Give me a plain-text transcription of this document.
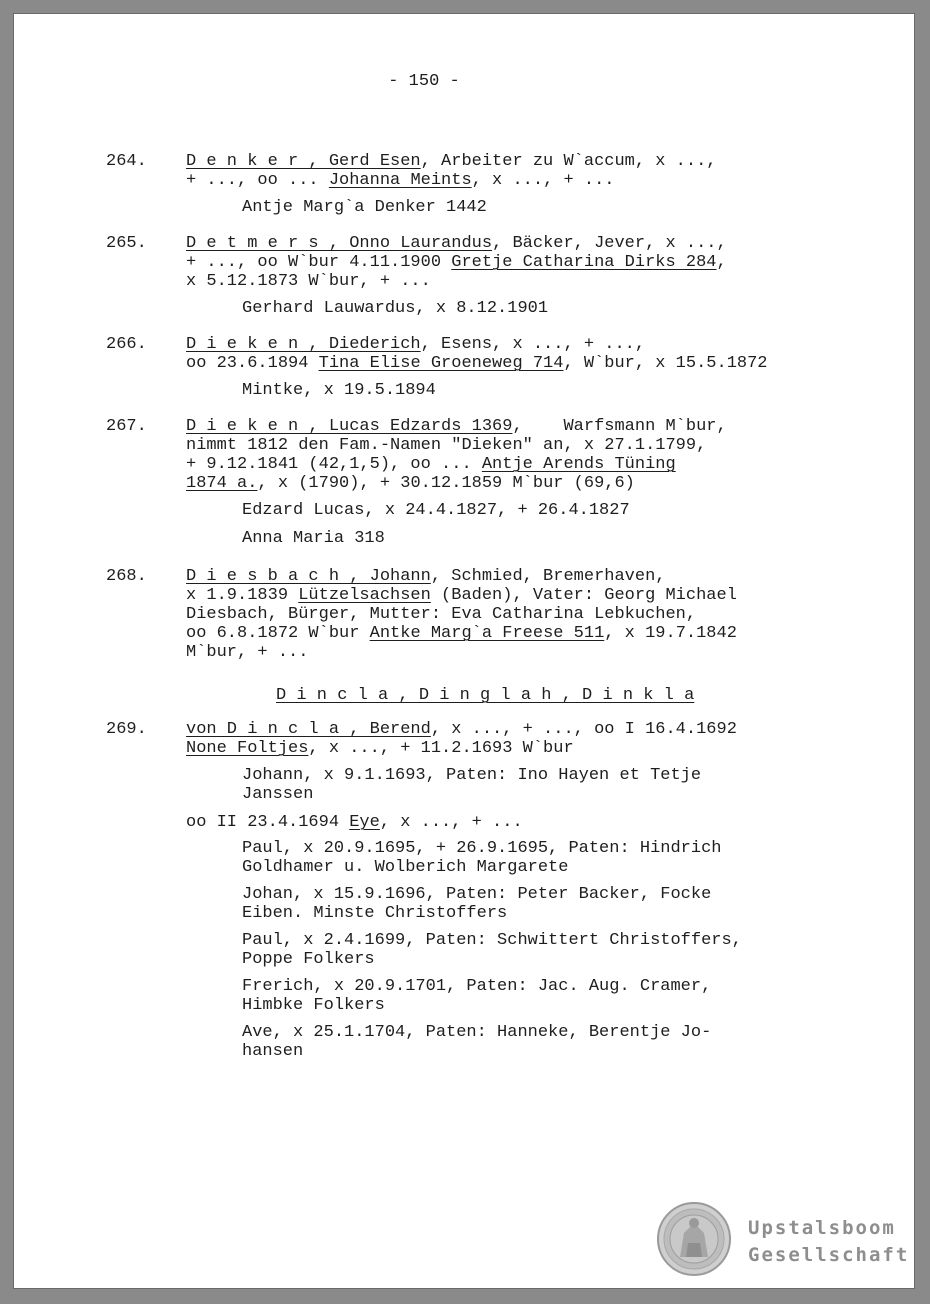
- 150 -
264. D e n k e r , Gerd Esen, Arbeiter zu W`accum, x ...,
+ ..., oo ... Johanna Meints, x ..., + ...
Antje Marg`a Denker 1442
265. D e t m e r s , Onno Laurandus, Bäcker, Jever, x ...,
+ ..., oo W`bur 4.11.1900 Gretje Catharina Dirks 284,
x 5.12.1873 W`bur, + ...
Gerhard Lauwardus, x 8.12.1901
266. D i e k e n , Diederich, Esens, x ..., + ...,
oo 23.6.1894 Tina Elise Groeneweg 714, W`bur, x 15.5.1872
Mintke, x 19.5.1894
267. D i e k e n , Lucas Edzards 1369,    Warfsmann M`bur,
nimmt 1812 den Fam.-Namen "Dieken" an, x 27.1.1799,
+ 9.12.1841 (42,1,5), oo ... Antje Arends Tüning
1874 a., x (1790), + 30.12.1859 M`bur (69,6)
Edzard Lucas, x 24.4.1827, + 26.4.1827
Anna Maria 318
268. D i e s b a c h , Johann, Schmied, Bremerhaven,
x 1.9.1839 Lützelsachsen (Baden), Vater: Georg Michael
Diesbach, Bürger, Mutter: Eva Catharina Lebkuchen,
oo 6.8.1872 W`bur Antke Marg`a Freese 511, x 19.7.1842
M`bur, + ...
D i n c l a , D i n g l a h , D i n k l a
269. von D i n c l a , Berend, x ..., + ..., oo I 16.4.1692
None Foltjes, x ..., + 11.2.1693 W`bur
Johann, x 9.1.1693, Paten: Ino Hayen et Tetje
Janssen
oo II 23.4.1694 Eye, x ..., + ...
Paul, x 20.9.1695, + 26.9.1695, Paten: Hindrich
Goldhamer u. Wolberich Margarete
Johan, x 15.9.1696, Paten: Peter Backer, Focke
Eiben. Minste Christoffers
Paul, x 2.4.1699, Paten: Schwittert Christoffers,
Poppe Folkers
Frerich, x 20.9.1701, Paten: Jac. Aug. Cramer,
Himbke Folkers
Ave, x 25.1.1704, Paten: Hanneke, Berentje Jo-
hansen
Upstalsboom
Gesellschaft
